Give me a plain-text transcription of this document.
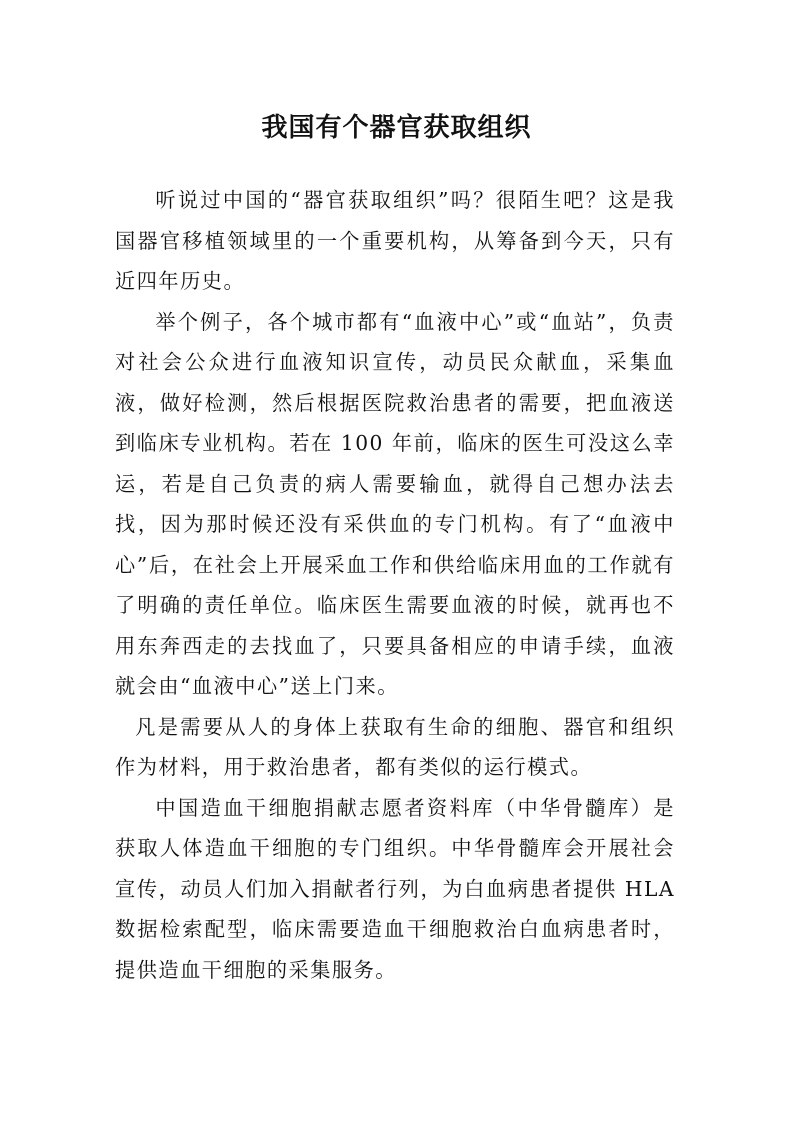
我国有个器官获取组织

听说过中国的“器官获取组织”吗？很陌生吧？这是我国器官移植领域里的一个重要机构，从筹备到今天，只有近四年历史。

举个例子，各个城市都有“血液中心”或“血站”，负责对社会公众进行血液知识宣传，动员民众献血，采集血液，做好检测，然后根据医院救治患者的需要，把血液送到临床专业机构。若在 100 年前，临床的医生可没这么幸运，若是自己负责的病人需要输血，就得自己想办法去找，因为那时候还没有采供血的专门机构。有了“血液中心”后，在社会上开展采血工作和供给临床用血的工作就有了明确的责任单位。临床医生需要血液的时候，就再也不用东奔西走的去找血了，只要具备相应的申请手续，血液就会由“血液中心”送上门来。

凡是需要从人的身体上获取有生命的细胞、器官和组织作为材料，用于救治患者，都有类似的运行模式。

中国造血干细胞捐献志愿者资料库（中华骨髓库）是获取人体造血干细胞的专门组织。中华骨髓库会开展社会宣传，动员人们加入捐献者行列，为白血病患者提供 HLA 数据检索配型，临床需要造血干细胞救治白血病患者时，提供造血干细胞的采集服务。
